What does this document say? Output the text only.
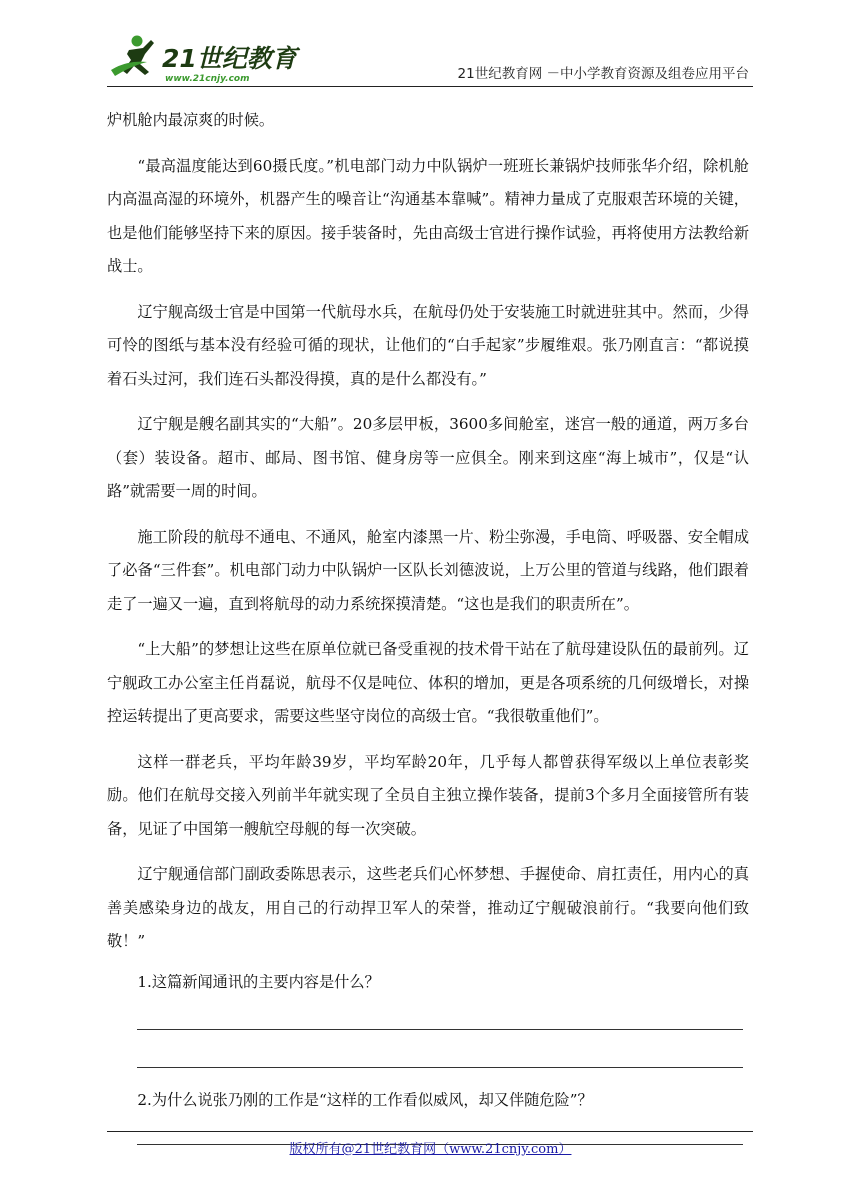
21世纪教育
www.21cnjy.com	21世纪教育网 －中小学教育资源及组卷应用平台

炉机舱内最凉爽的时候。

“最高温度能达到60摄氏度。”机电部门动力中队锅炉一班班长兼锅炉技师张华介绍，除机舱内高温高湿的环境外，机器产生的噪音让“沟通基本靠喊”。精神力量成了克服艰苦环境的关键，也是他们能够坚持下来的原因。接手装备时，先由高级士官进行操作试验，再将使用方法教给新战士。

辽宁舰高级士官是中国第一代航母水兵，在航母仍处于安装施工时就进驻其中。然而，少得可怜的图纸与基本没有经验可循的现状，让他们的“白手起家”步履维艰。张乃刚直言：“都说摸着石头过河，我们连石头都没得摸，真的是什么都没有。”

辽宁舰是艘名副其实的“大船”。20多层甲板，3600多间舱室，迷宫一般的通道，两万多台（套）装设备。超市、邮局、图书馆、健身房等一应俱全。刚来到这座“海上城市”，仅是“认路”就需要一周的时间。

施工阶段的航母不通电、不通风，舱室内漆黑一片、粉尘弥漫，手电筒、呼吸器、安全帽成了必备“三件套”。机电部门动力中队锅炉一区队长刘德波说，上万公里的管道与线路，他们跟着走了一遍又一遍，直到将航母的动力系统探摸清楚。“这也是我们的职责所在”。

“上大船”的梦想让这些在原单位就已备受重视的技术骨干站在了航母建设队伍的最前列。辽宁舰政工办公室主任肖磊说，航母不仅是吨位、体积的增加，更是各项系统的几何级增长，对操控运转提出了更高要求，需要这些坚守岗位的高级士官。“我很敬重他们”。

这样一群老兵，平均年龄39岁，平均军龄20年，几乎每人都曾获得军级以上单位表彰奖励。他们在航母交接入列前半年就实现了全员自主独立操作装备，提前3个多月全面接管所有装备，见证了中国第一艘航空母舰的每一次突破。

辽宁舰通信部门副政委陈思表示，这些老兵们心怀梦想、手握使命、肩扛责任，用内心的真善美感染身边的战友，用自己的行动捍卫军人的荣誉，推动辽宁舰破浪前行。“我要向他们致敬！”

1.这篇新闻通讯的主要内容是什么？

2.为什么说张乃刚的工作是“这样的工作看似威风，却又伴随危险”？

版权所有@21世纪教育网（www.21cnjy.com）
